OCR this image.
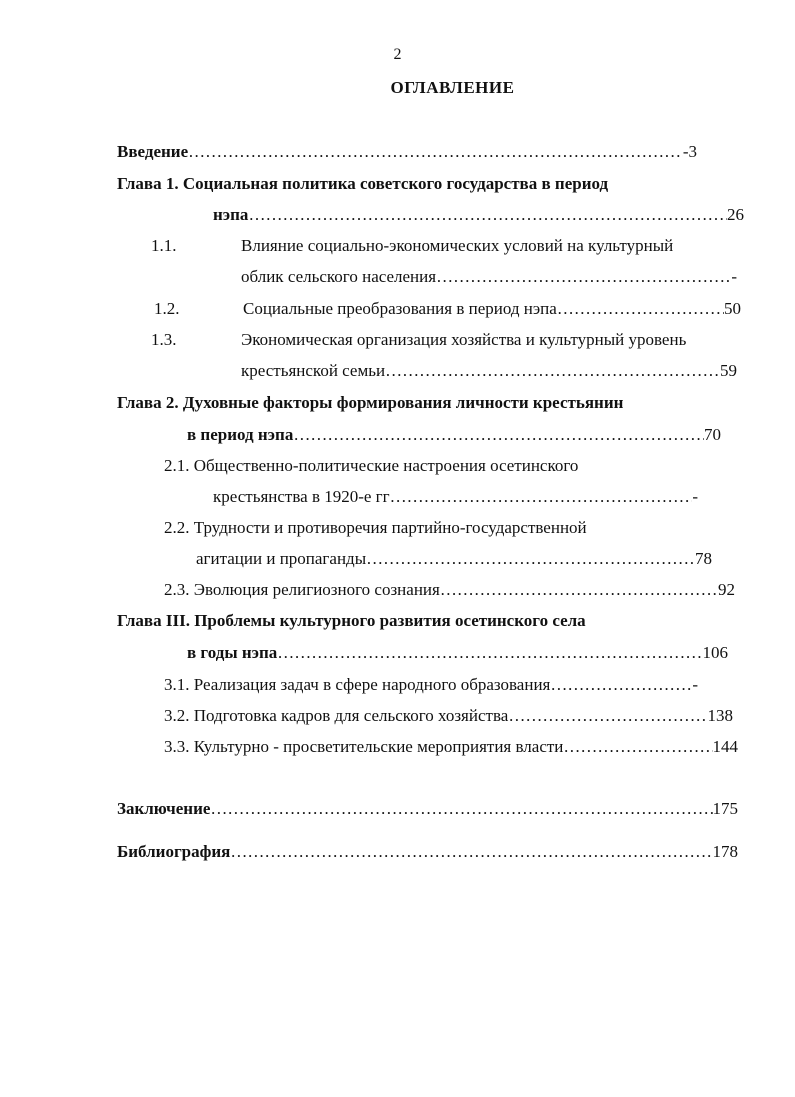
2
ОГЛАВЛЕНИЕ
Введение …………………………………………………………………………………………………………………………………………………………………………………………	-3
Глава 1. Социальная политика советского государства в период
нэпа …………………………………………………………………………………………………………………………………………………………………………………………	26
1.1.	Влияние социально-экономических условий на культурный
облик сельского населения …………………………………………………………………………………………………………………………………………………………………………………………	-
1.2.	Социальные преобразования в период нэпа …………………………………………………………………………………………………………………………………………………………………………………………	50
1.3.	Экономическая организация хозяйства и культурный уровень
крестьянской семьи …………………………………………………………………………………………………………………………………………………………………………………………	59
Глава 2. Духовные факторы формирования личности крестьянин
в период нэпа …………………………………………………………………………………………………………………………………………………………………………………………	70
2.1. Общественно-политические настроения осетинского
крестьянства в 1920-е гг …………………………………………………………………………………………………………………………………………………………………………………………	-
2.2. Трудности и противоречия партийно-государственной
агитации и пропаганды …………………………………………………………………………………………………………………………………………………………………………………………	78
2.3. Эволюция религиозного сознания …………………………………………………………………………………………………………………………………………………………………………………………	92
Глава III. Проблемы культурного развития осетинского села
в годы нэпа …………………………………………………………………………………………………………………………………………………………………………………………	106
3.1. Реализация задач в сфере народного образования …………………………………………………………………………………………………………………………………………………………………………………………	-
3.2. Подготовка кадров для сельского хозяйства …………………………………………………………………………………………………………………………………………………………………………………………	138
3.3. Культурно - просветительские мероприятия власти …………………………………………………………………………………………………………………………………………………………………………………………	144
Заключение …………………………………………………………………………………………………………………………………………………………………………………………	175
Библиография …………………………………………………………………………………………………………………………………………………………………………………………	178
